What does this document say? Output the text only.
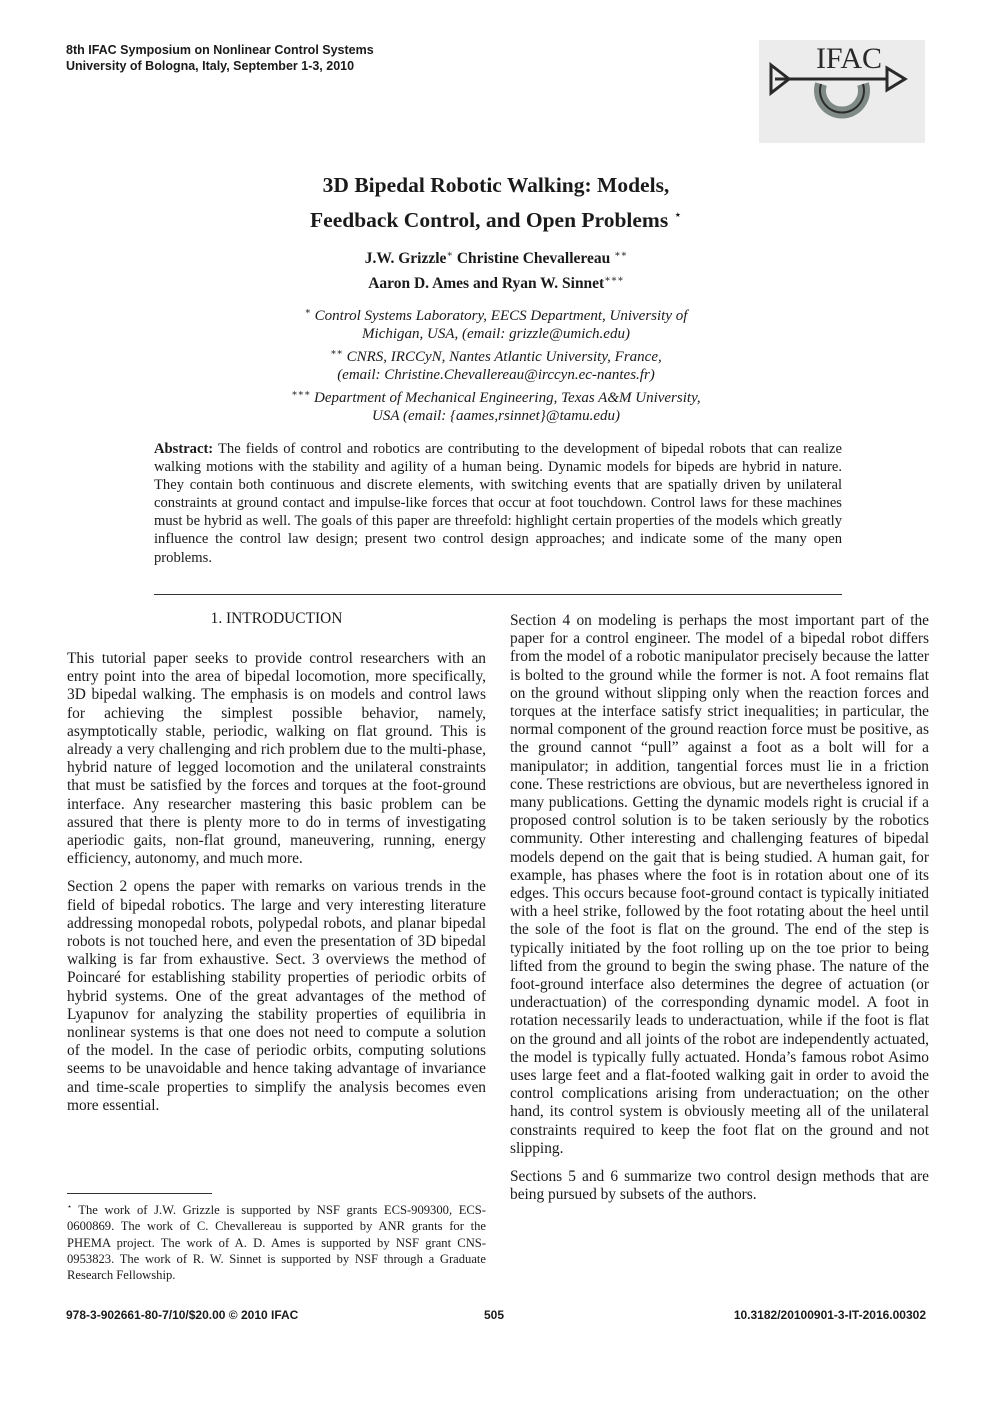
8th IFAC Symposium on Nonlinear Control Systems
University of Bologna, Italy, September 1-3, 2010	IFAC
3D Bipedal Robotic Walking: Models,
Feedback Control, and Open Problems ⋆
J.W. Grizzle∗ Christine Chevallereau ∗∗
Aaron D. Ames and Ryan W. Sinnet∗∗∗
∗ Control Systems Laboratory, EECS Department, University of
Michigan, USA, (email: grizzle@umich.edu)
∗∗ CNRS, IRCCyN, Nantes Atlantic University, France,
(email: Christine.Chevallereau@irccyn.ec-nantes.fr)
∗∗∗ Department of Mechanical Engineering, Texas A&M University,
USA (email: {aames,rsinnet}@tamu.edu)
Abstract: The fields of control and robotics are contributing to the development of bipedal robots that can realize walking motions with the stability and agility of a human being. Dynamic models for bipeds are hybrid in nature. They contain both continuous and discrete elements, with switching events that are spatially driven by unilateral constraints at ground contact and impulse-like forces that occur at foot touchdown. Control laws for these machines must be hybrid as well. The goals of this paper are threefold: highlight certain properties of the models which greatly influence the control law design; present two control design approaches; and indicate some of the many open problems.
1. INTRODUCTION

This tutorial paper seeks to provide control researchers with an entry point into the area of bipedal locomotion, more specifically, 3D bipedal walking. The emphasis is on models and control laws for achieving the simplest possible behavior, namely, asymptotically stable, periodic, walking on flat ground. This is already a very challenging and rich problem due to the multi-phase, hybrid nature of legged locomotion and the unilateral constraints that must be satisfied by the forces and torques at the foot-ground interface. Any researcher mastering this basic problem can be assured that there is plenty more to do in terms of investigating aperiodic gaits, non-flat ground, maneuvering, running, energy efficiency, autonomy, and much more.

Section 2 opens the paper with remarks on various trends in the field of bipedal robotics. The large and very interesting literature addressing monopedal robots, polypedal robots, and planar bipedal robots is not touched here, and even the presentation of 3D bipedal walking is far from exhaustive. Sect. 3 overviews the method of Poincaré for establishing stability properties of periodic orbits of hybrid systems. One of the great advantages of the method of Lyapunov for analyzing the stability properties of equilibria in nonlinear systems is that one does not need to compute a solution of the model. In the case of periodic orbits, computing solutions seems to be unavoidable and hence taking advantage of invariance and time-scale properties to simplify the analysis becomes even more essential.

⋆ The work of J.W. Grizzle is supported by NSF grants ECS-909300, ECS-0600869. The work of C. Chevallereau is supported by ANR grants for the PHEMA project. The work of A. D. Ames is supported by NSF grant CNS-0953823. The work of R. W. Sinnet is supported by NSF through a Graduate Research Fellowship.

Section 4 on modeling is perhaps the most important part of the paper for a control engineer. The model of a bipedal robot differs from the model of a robotic manipulator precisely because the latter is bolted to the ground while the former is not. A foot remains flat on the ground without slipping only when the reaction forces and torques at the interface satisfy strict inequalities; in particular, the normal component of the ground reaction force must be positive, as the ground cannot “pull” against a foot as a bolt will for a manipulator; in addition, tangential forces must lie in a friction cone. These restrictions are obvious, but are nevertheless ignored in many publications. Getting the dynamic models right is crucial if a proposed control solution is to be taken seriously by the robotics community. Other interesting and challenging features of bipedal models depend on the gait that is being studied. A human gait, for example, has phases where the foot is in rotation about one of its edges. This occurs because foot-ground contact is typically initiated with a heel strike, followed by the foot rotating about the heel until the sole of the foot is flat on the ground. The end of the step is typically initiated by the foot rolling up on the toe prior to being lifted from the ground to begin the swing phase. The nature of the foot-ground interface also determines the degree of actuation (or underactuation) of the corresponding dynamic model. A foot in rotation necessarily leads to underactuation, while if the foot is flat on the ground and all joints of the robot are independently actuated, the model is typically fully actuated. Honda’s famous robot Asimo uses large feet and a flat-footed walking gait in order to avoid the control complications arising from underactuation; on the other hand, its control system is obviously meeting all of the unilateral constraints required to keep the foot flat on the ground and not slipping.

Sections 5 and 6 summarize two control design methods that are being pursued by subsets of the authors.

978-3-902661-80-7/10/$20.00 © 2010 IFAC	505	10.3182/20100901-3-IT-2016.00302
